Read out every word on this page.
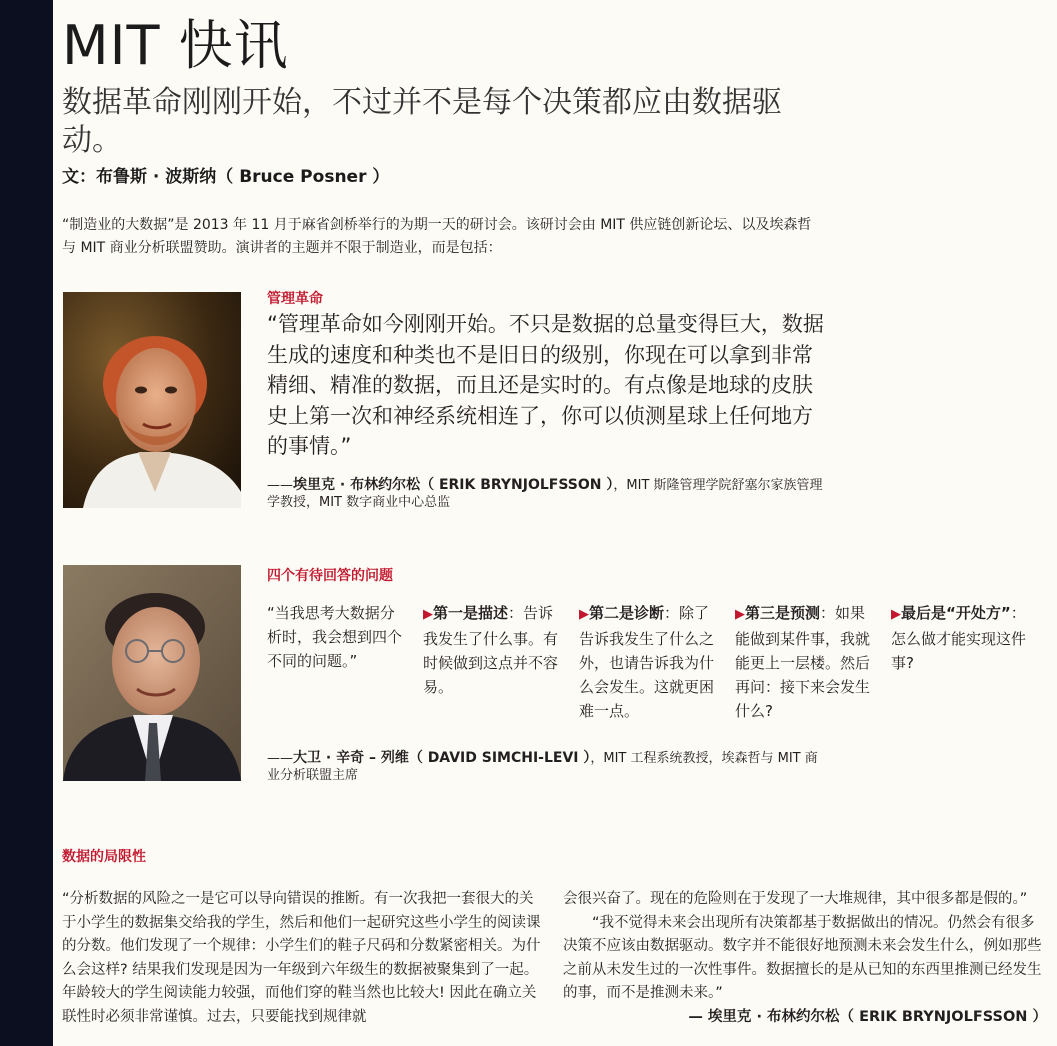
MIT 快讯
数据革命刚刚开始，不过并不是每个决策都应由数据驱动。
文：布鲁斯 · 波斯纳（ Bruce Posner ）
“制造业的大数据”是 2013 年 11 月于麻省剑桥举行的为期一天的研讨会。该研讨会由 MIT 供应链创新论坛、以及埃森哲与 MIT 商业分析联盟赞助。演讲者的主题并不限于制造业，而是包括：
管理革命
“管理革命如今刚刚开始。不只是数据的总量变得巨大，数据生成的速度和种类也不是旧日的级别，你现在可以拿到非常精细、精准的数据，而且还是实时的。有点像是地球的皮肤史上第一次和神经系统相连了，你可以侦测星球上任何地方的事情。”
——埃里克 · 布林约尔松（ ERIK BRYNJOLFSSON ），MIT 斯隆管理学院舒塞尔家族管理学教授，MIT 数字商业中心总监
四个有待回答的问题
“当我思考大数据分析时，我会想到四个不同的问题。”
▶第一是描述：告诉我发生了什么事。有时候做到这点并不容易。
▶第二是诊断：除了告诉我发生了什么之外，也请告诉我为什么会发生。这就更困难一点。
▶第三是预测：如果能做到某件事，我就能更上一层楼。然后再问：接下来会发生什么?
▶最后是“开处方”：怎么做才能实现这件事?
——大卫 · 辛奇 – 列维（ DAVID SIMCHI-LEVI ），MIT 工程系统教授，埃森哲与 MIT 商业分析联盟主席
数据的局限性
“分析数据的风险之一是它可以导向错误的推断。有一次我把一套很大的关于小学生的数据集交给我的学生，然后和他们一起研究这些小学生的阅读课的分数。他们发现了一个规律：小学生们的鞋子尺码和分数紧密相关。为什么会这样? 结果我们发现是因为一年级到六年级生的数据被聚集到了一起。年龄较大的学生阅读能力较强，而他们穿的鞋当然也比较大! 因此在确立关联性时必须非常谨慎。过去，只要能找到规律就
会很兴奋了。现在的危险则在于发现了一大堆规律，其中很多都是假的。”
“我不觉得未来会出现所有决策都基于数据做出的情况。仍然会有很多决策不应该由数据驱动。数字并不能很好地预测未来会发生什么，例如那些之前从未发生过的一次性事件。数据擅长的是从已知的东西里推测已经发生的事，而不是推测未来。”
— 埃里克 · 布林约尔松（ ERIK BRYNJOLFSSON ）
